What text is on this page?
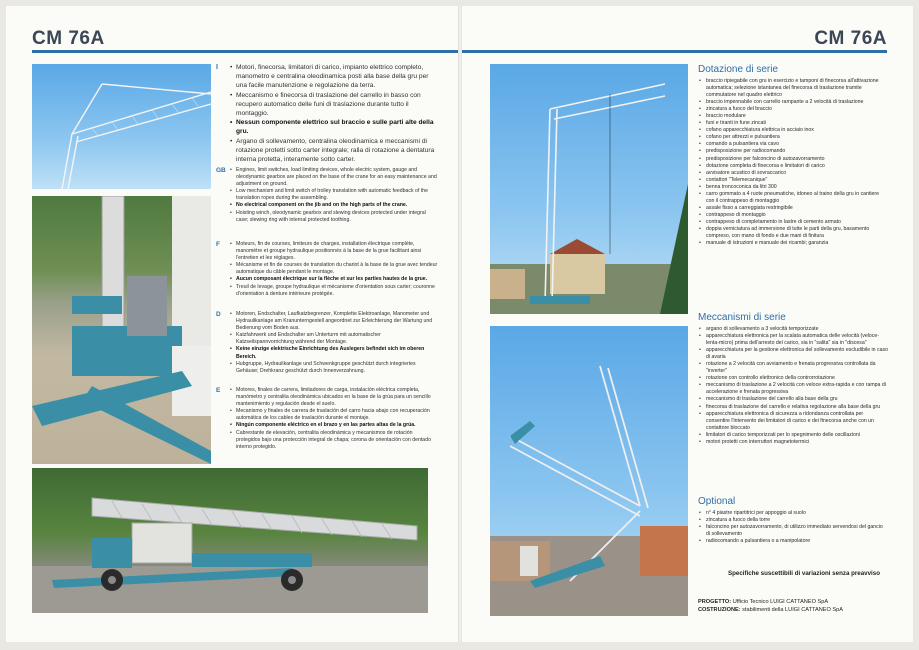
CM 76A
I	• Motori, finecorsa, limitatori di carico, impianto elettrico completo, manometro e centralina oleodinamica posti alla base della gru per una facile manutenzione e regolazione da terra.
• Meccanismo e finecorsa di traslazione del carrello in basso con recupero automatico delle funi di traslazione durante tutto il montaggio.
• Nessun componente elettrico sul braccio e sulle parti alte della gru.
• Argano di sollevamento, centralina oleodinamica e meccanismi di rotazione protetti sotto carter integrale; ralla di rotazione a dentatura interna protetta, interamente sotto carter.
GB	• Engines, limit switches, load limiting devices, whole electric system, gauge and oleodynamic gearbox are placed on the base of the crane for an easy maintenance and adjustment on ground.
• Low mechanism and limit switch of trolley translation with automatic feedback of the translation ropes during the assembling.
• No electrical component on the jib and on the high parts of the crane.
• Hoisting winch, oleodynamic gearbox and slewing devices protected under integral case; slewing ring with internal protected toothing.
F	• Moteurs, fin de courses, limiteurs de charges, installation électrique complète, manomètre et groupe hydraulique positionnés à la base de la grue facilitant ainsi l'entretien et les réglages.
• Mécanisme et fin de courses de translation du chariot à la base de la grue avec tendeur automatique du câble pendant le montage.
• Aucun composant électrique sur la flèche et sur les parties hautes de la grue.
• Treuil de levage, groupe hydraulique et mécanisme d'orientation sous carter; couronne d'orientation à denture intérieure protégée.
D	• Motoren, Endschalter, Laufkatzbegrenzer, Komplette Elektroanlage, Manometer und Hydraulikanlage am Kranunterngestell angeordnet zur Erleichterung der Wartung und Bedienung vom Boden aus.
• Katzfahrwerk und Endschalter am Unterturm mit automatischer Katzseilspannvorrichtung während der Montage.
• Keine einzige elektrische Einrichtung des Auslegers befindet sich im oberen Bereich.
• Hubgruppe, Hydraulikanlage und Schwenkgruppe geschützt durch integriertes Gehäuse; Drehkranz geschützt durch Innenverzahnung.
E	• Motores, finales de carrera, limitadores de carga, instalación eléctrica completa, manómetro y centralita oleodinámica ubicados en la base de la grúa para un sencillo mantenimiento y regulación desde el suelo.
• Mecanismo y finales de carrera de traslación del carro hacia abajo con recuperación automática de los cables de traslación durante el montaje.
• Ningún componente eléctrico en el brazo y en las partes altas de la grúa.
• Cabrestante de elevación, centralita oleodinámica y mecanismos de rotación protegidos bajo una protección integral de chapa; corona de orientación con dentado interno protegido.
CM 76A
Dotazione di serie
• braccio ripiegabile con gru in esercizio e tamponi di finecorsa all'attivazione automatica; selezione istantanea del finecorsa di traslazione tramite commutatore nel quadro elettrico
• braccio impennabile con carrello rampante a 2 velocità di traslazione
• zincatura a fuoco del braccio
• braccio modulare
• funi e tiranti in fune zincati
• cofano apparecchiatura elettrica in acciaio inox
• cofano per attrezzi e pulsantiera
• comando a pulsantiera via cavo
• predisposizione per radiocomando
• predisposizione per falconcino di autozavorramento
• dotazione completa di finecorsa e limitatori di carico
• avvisatore acustico di sovraccarico
• contattori "Telemecanique"
• benna troncoconica da litri 300
• carro gommato a 4 ruote pneumatiche, idoneo al traino della gru in cantiere con il contrappeso di montaggio
• assale fisso a carreggiata restringibile
• contrappeso di montaggio
• contrappeso di completamento in lastre di cemento armato
• doppia verniciatura ad immersione di tutte le parti della gru, basamento compreso, con mano di fondo e due mani di finitura
• manuale di istruzioni e manuale dei ricambi; garanzia
Meccanismi di serie
• argano di sollevamento a 3 velocità temporizzate
• apparecchiatura elettronica per la scalata automatica delle velocità (veloce-lenta-micro) prima dell'arresto del carico, sia in "salita" sia in "discesa"
• apparecchiatura per la gestione elettronica del sollevamento escludibile in caso di avaria
• rotazione a 2 velocità con avviamento e frenata progressiva controllata da "inverter"
• rotazione con controllo elettronico della controrrotazione
• meccanismo di traslazione a 2 velocità con veloce extra-rapida e con rampa di accelerazione e frenata progressiva
• meccanismo di traslazione del carrello alla base della gru
• finecorsa di traslazione del carrello e relativa regolazione alla base della gru
• apparecchiatura elettronica di sicurezza a ridondanza controllata per consentire l'intervento dei limitatori di carico e dei finecorsa anche con un contattore bloccato
• limitatori di carico temporizzati per lo spegnimento delle oscillazioni
• motori protetti con interruttori magnetotermici
Optional
• n° 4 piastre ripartitrici per appoggio al suolo
• zincatura a fuoco della torre
• falconcino per autozavorramento, di utilizzo immediato servendosi del gancio di sollevamento
• radiocomando a pulsantiera o a manipolatore
Specifiche suscettibili di variazioni senza preavviso
PROGETTO: Ufficio Tecnico LUIGI CATTANEO SpA
COSTRUZIONE: stabilimenti della LUIGI CATTANEO SpA
